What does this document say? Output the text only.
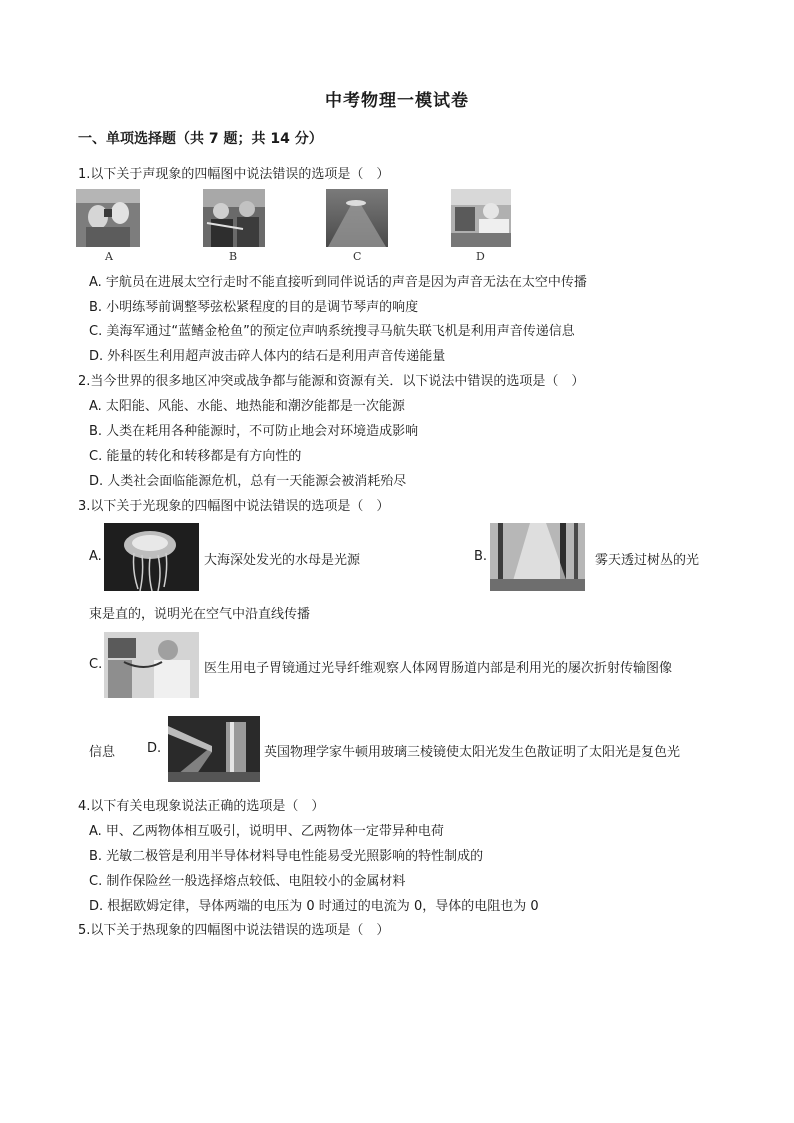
中考物理一模试卷
一、单项选择题（共 7 题；共 14 分）
1.以下关于声现象的四幅图中说法错误的选项是（　）
A	B	C	D
A. 宇航员在进展太空行走时不能直接听到同伴说话的声音是因为声音无法在太空中传播
B. 小明练琴前调整琴弦松紧程度的目的是调节琴声的响度
C. 美海军通过“蓝鳍金枪鱼”的预定位声呐系统搜寻马航失联飞机是利用声音传递信息
D. 外科医生利用超声波击碎人体内的结石是利用声音传递能量
2.当今世界的很多地区冲突或战争都与能源和资源有关．以下说法中错误的选项是（　）
A. 太阳能、风能、水能、地热能和潮汐能都是一次能源
B. 人类在耗用各种能源时，不可防止地会对环境造成影响
C. 能量的转化和转移都是有方向性的
D. 人类社会面临能源危机，总有一天能源会被消耗殆尽
3.以下关于光现象的四幅图中说法错误的选项是（　）
A.	大海深处发光的水母是光源	B.	雾天透过树丛的光
束是直的，说明光在空气中沿直线传播
C.	医生用电子胃镜通过光导纤维观察人体网胃肠道内部是利用光的屡次折射传输图像
信息 D.	英国物理学家牛顿用玻璃三棱镜使太阳光发生色散证明了太阳光是复色光
4.以下有关电现象说法正确的选项是（　）
A. 甲、乙两物体相互吸引，说明甲、乙两物体一定带异种电荷
B. 光敏二极管是利用半导体材料导电性能易受光照影响的特性制成的
C. 制作保险丝一般选择熔点较低、电阻较小的金属材料
D. 根据欧姆定律，导体两端的电压为 0 时通过的电流为 0，导体的电阻也为 0
5.以下关于热现象的四幅图中说法错误的选项是（　）
